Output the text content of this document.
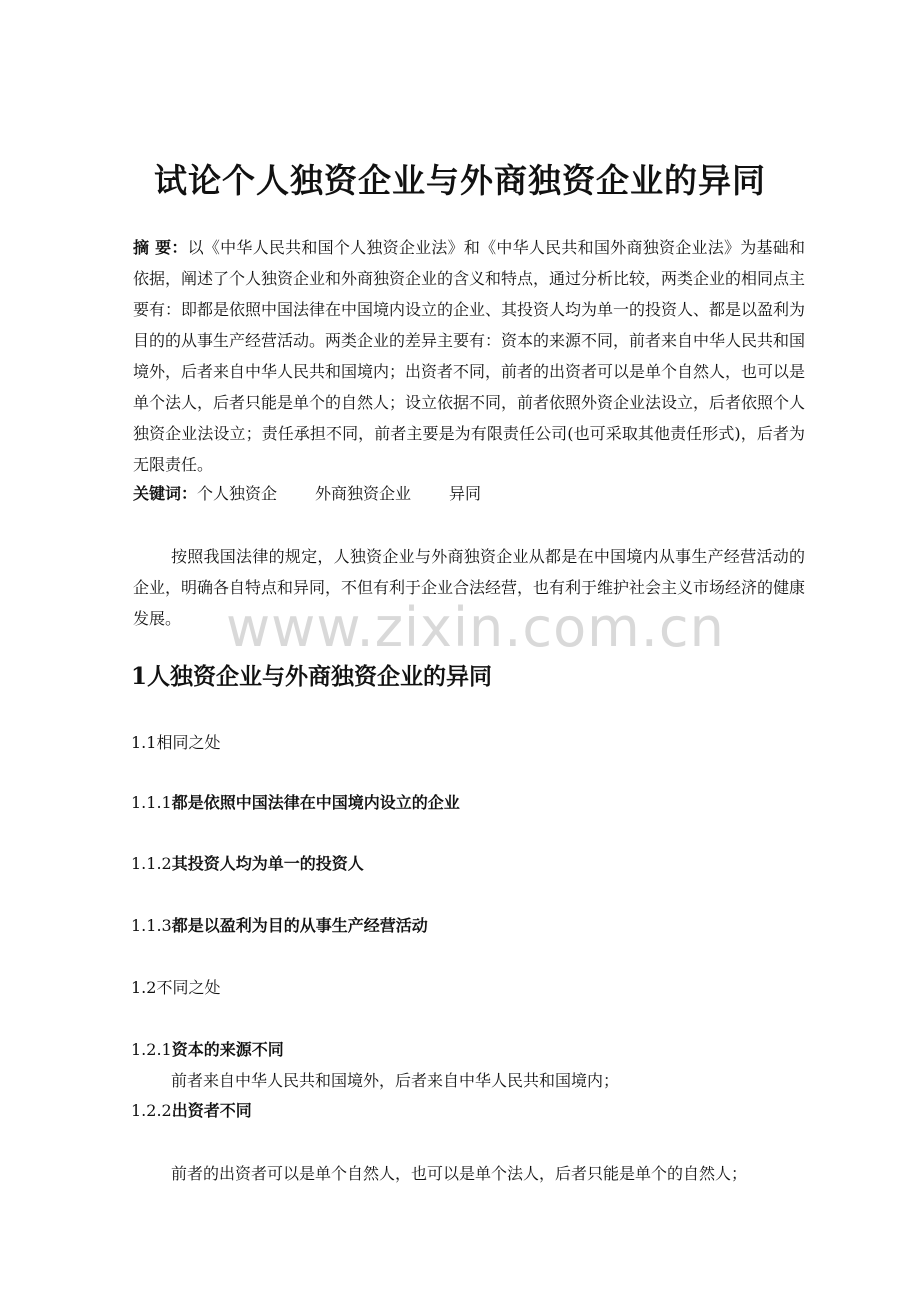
试论个人独资企业与外商独资企业的异同

摘 要：以《中华人民共和国个人独资企业法》和《中华人民共和国外商独资企业法》为基础和依据，阐述了个人独资企业和外商独资企业的含义和特点，通过分析比较，两类企业的相同点主要有：即都是依照中国法律在中国境内设立的企业、其投资人均为单一的投资人、都是以盈利为目的的从事生产经营活动。两类企业的差异主要有：资本的来源不同，前者来自中华人民共和国境外，后者来自中华人民共和国境内；出资者不同，前者的出资者可以是单个自然人，也可以是单个法人，后者只能是单个的自然人；设立依据不同，前者依照外资企业法设立，后者依照个人独资企业法设立；责任承担不同，前者主要是为有限责任公司(也可采取其他责任形式)，后者为无限责任。

关键词：个人独资企 外商独资企业 异同

按照我国法律的规定，人独资企业与外商独资企业从都是在中国境内从事生产经营活动的企业，明确各自特点和异同，不但有利于企业合法经营，也有利于维护社会主义市场经济的健康发展。 www.zixin.com.cn
1人独资企业与外商独资企业的异同
1.1相同之处
1.1.1都是依照中国法律在中国境内设立的企业
1.1.2其投资人均为单一的投资人
1.1.3都是以盈利为目的从事生产经营活动
1.2不同之处
1.2.1资本的来源不同

前者来自中华人民共和国境外，后者来自中华人民共和国境内；

1.2.2出资者不同

前者的出资者可以是单个自然人，也可以是单个法人，后者只能是单个的自然人；
